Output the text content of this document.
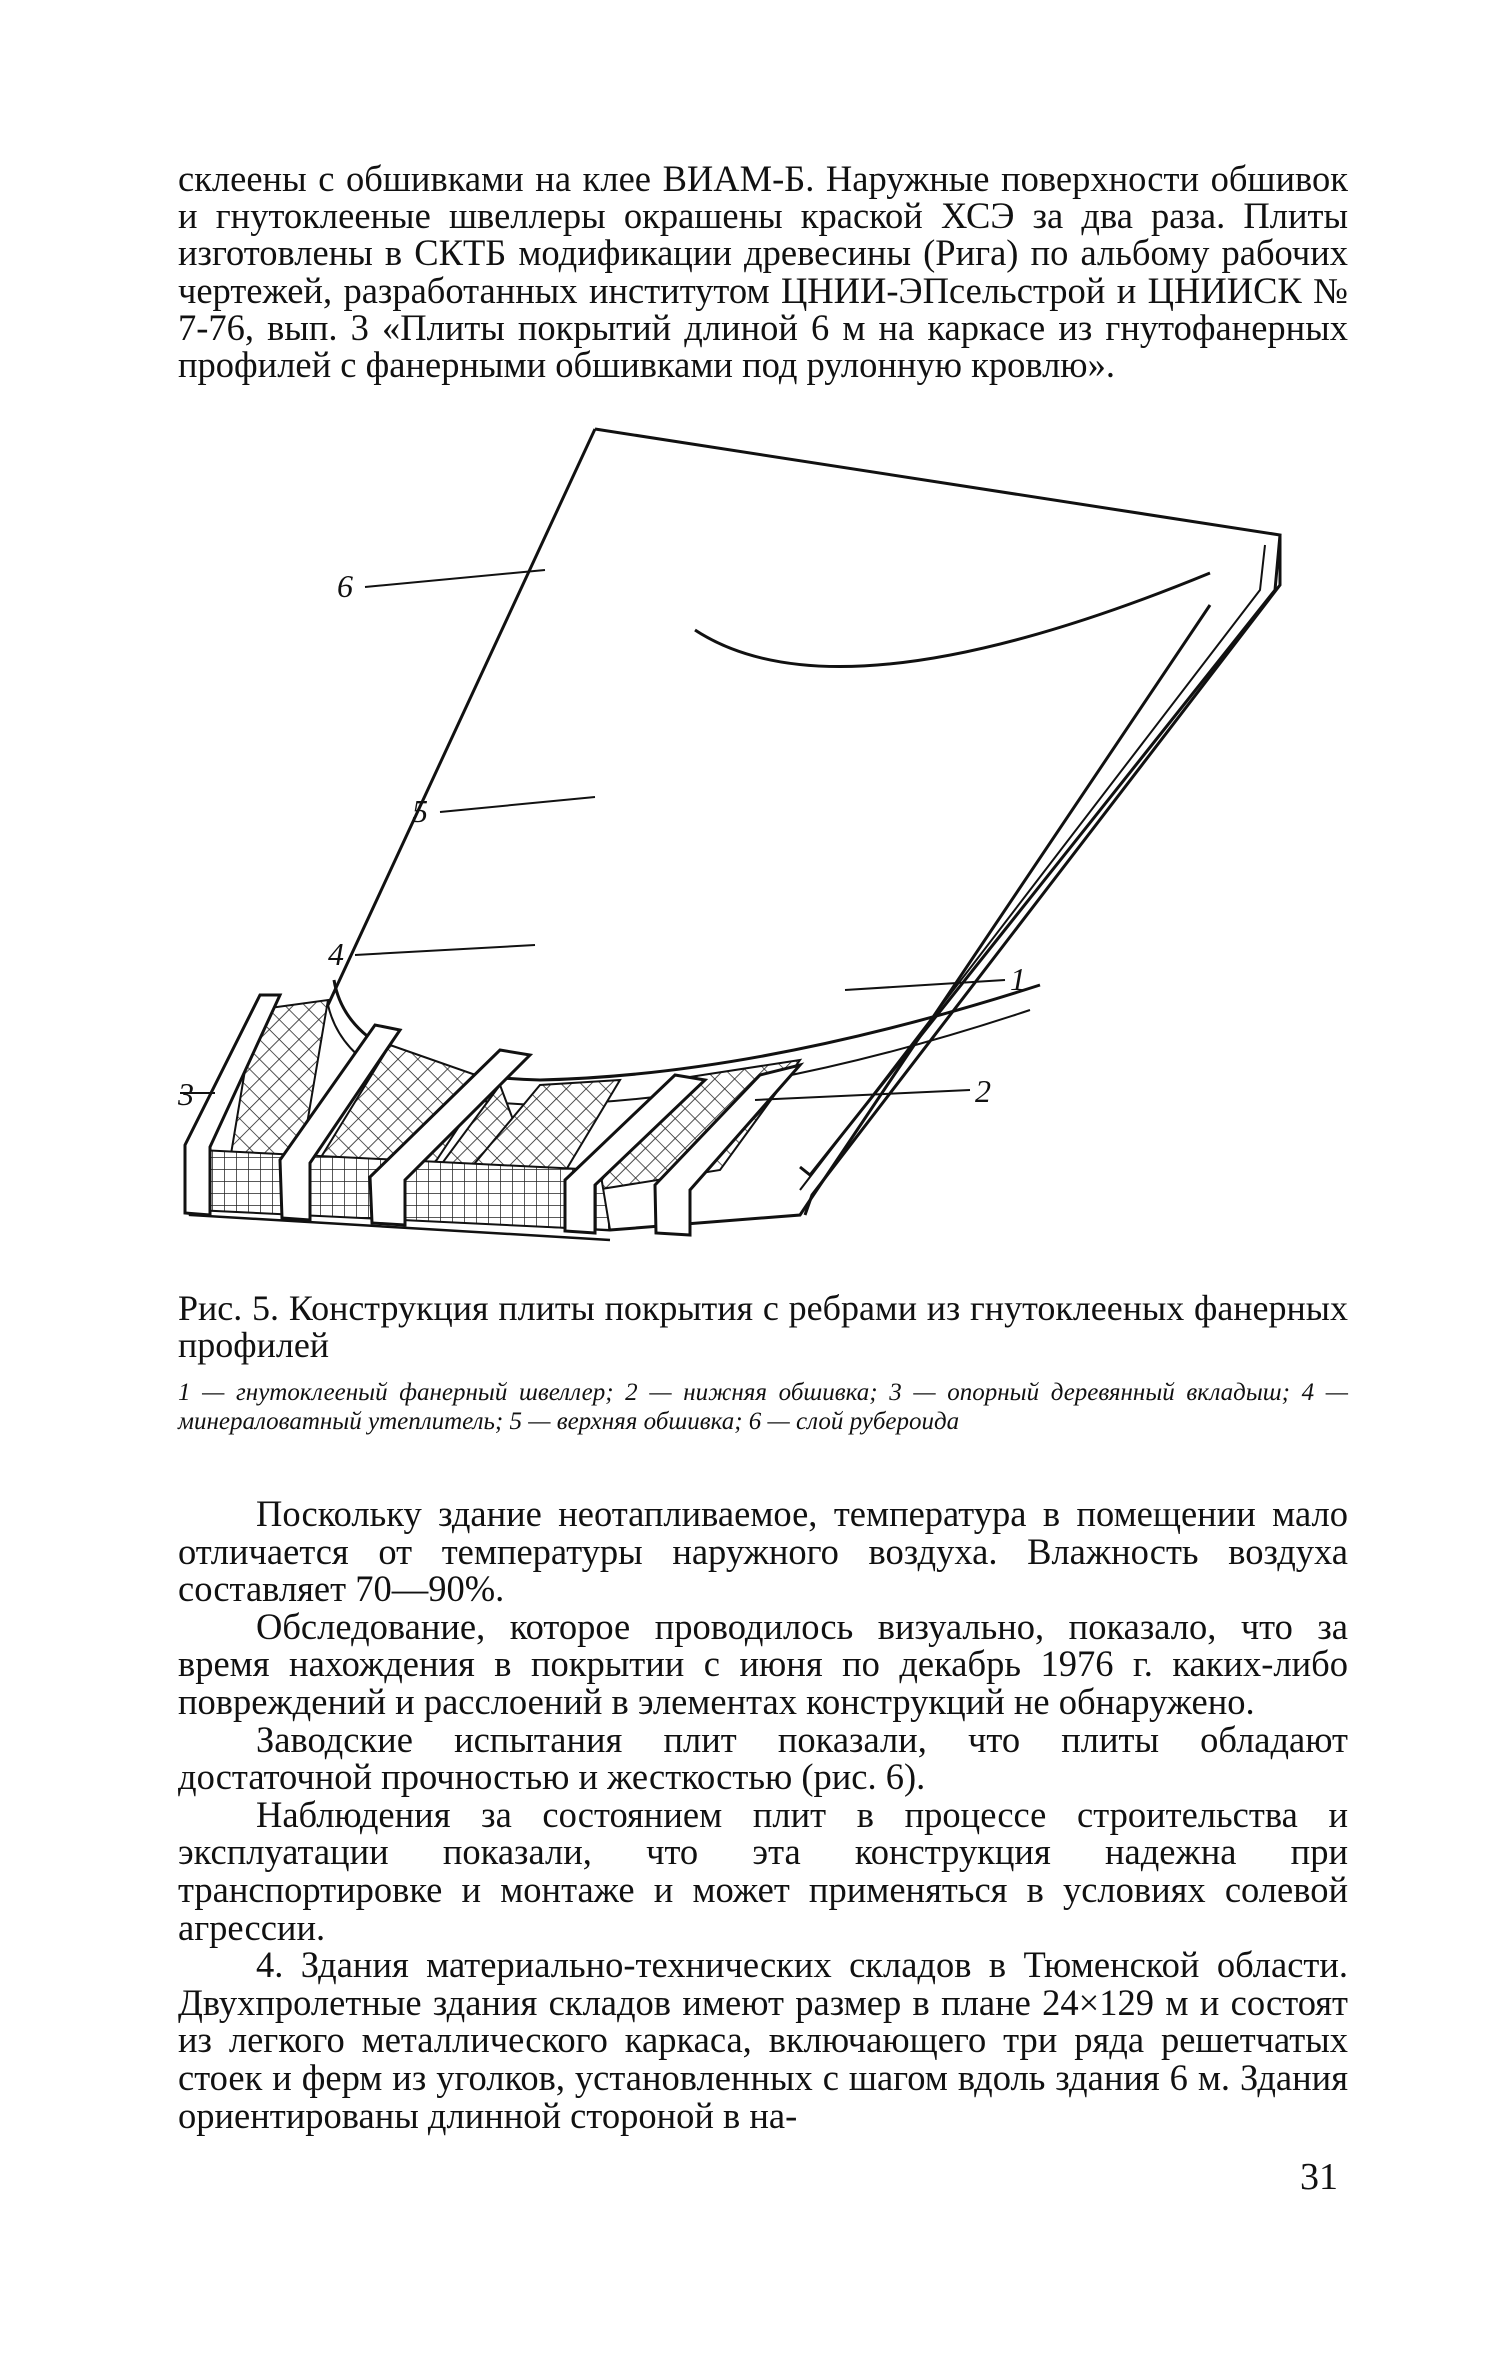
склеены с обшивками на клее ВИАМ-Б. Наружные поверхности обшивок и гнутоклееные швеллеры окрашены краской ХСЭ за два раза. Плиты изготовлены в СКТБ модификации древесины (Рига) по альбому рабочих чертежей, разработанных институтом ЦНИИ-ЭПсельстрой и ЦНИИСК № 7-76, вып. 3 «Плиты покрытий длиной 6 м на каркасе из гнутофанерных профилей с фанерными обшивками под рулонную кровлю».

6
5
4
3
1
2

Рис. 5. Конструкция плиты покрытия с ребрами из гнутоклееных фанерных профилей

1 — гнутоклееный фанерный швеллер; 2 — нижняя обшивка; 3 — опорный деревянный вкладыш; 4 — минераловатный утеплитель; 5 — верхняя обшивка; 6 — слой рубероида

Поскольку здание неотапливаемое, температура в помещении мало отличается от температуры наружного воздуха. Влажность воздуха составляет 70—90%.

Обследование, которое проводилось визуально, показало, что за время нахождения в покрытии с июня по декабрь 1976 г. каких-либо повреждений и расслоений в элементах конструкций не обнаружено.

Заводские испытания плит показали, что плиты обладают достаточной прочностью и жесткостью (рис. 6).

Наблюдения за состоянием плит в процессе строительства и эксплуатации показали, что эта конструкция надежна при транспортировке и монтаже и может применяться в условиях солевой агрессии.

4. Здания материально-технических складов в Тюменской области. Двухпролетные здания складов имеют размер в плане 24×129 м и состоят из легкого металлического каркаса, включающего три ряда решетчатых стоек и ферм из уголков, установленных с шагом вдоль здания 6 м. Здания ориентированы длинной стороной в на-

31
